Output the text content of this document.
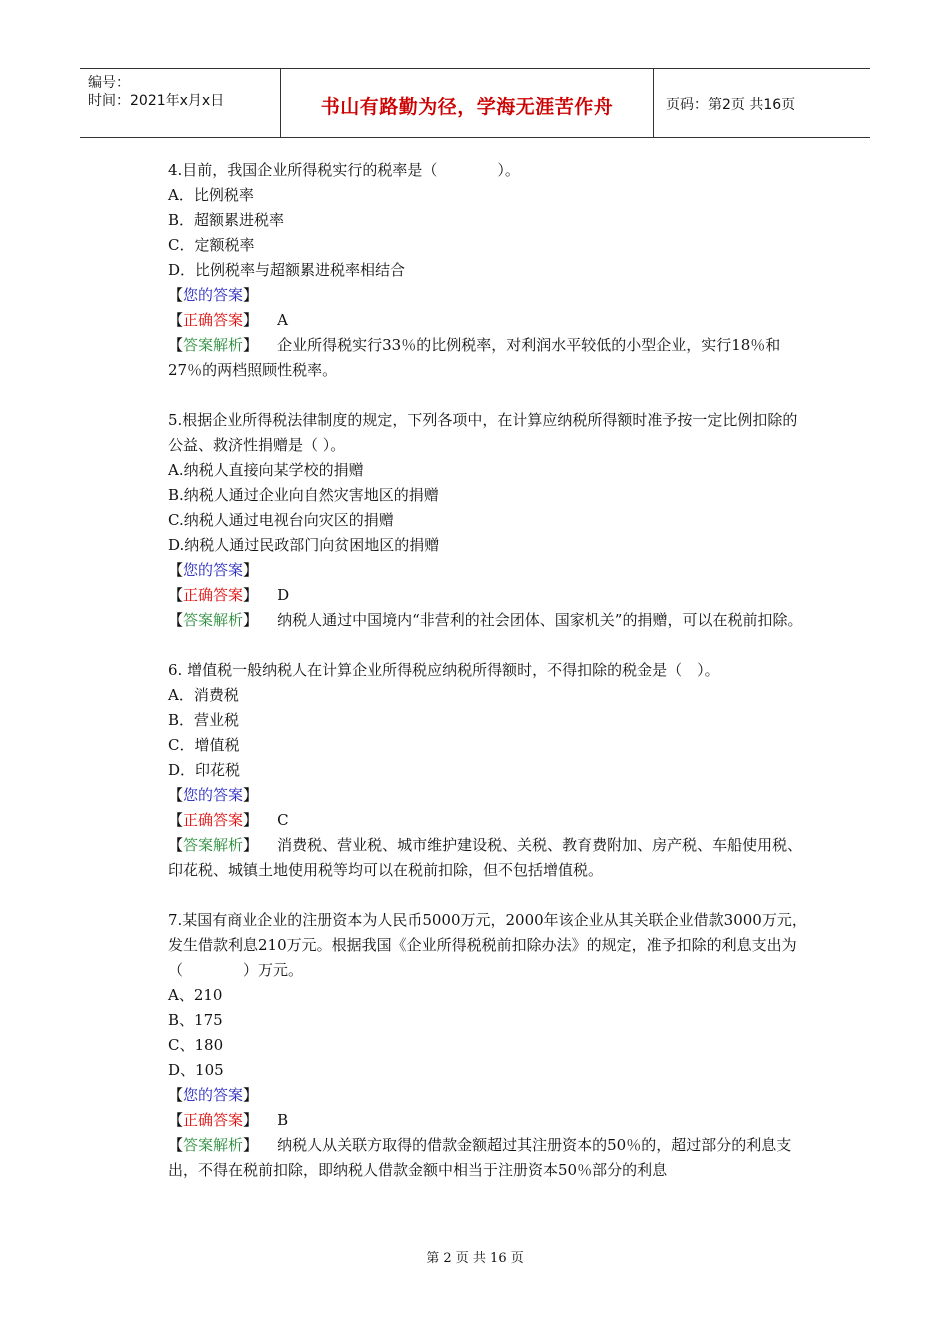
编号：
时间：2021年x月x日	书山有路勤为径，学海无涯苦作舟	页码：第2页 共16页
4.目前，我国企业所得税实行的税率是（　　　　）。
A．比例税率
B．超额累进税率
C．定额税率
D．比例税率与超额累进税率相结合
【您的答案】
【正确答案】    A
【答案解析】    企业所得税实行33％的比例税率，对利润水平较低的小型企业，实行18％和27％的两档照顾性税率。
5.根据企业所得税法律制度的规定，下列各项中，在计算应纳税所得额时准予按一定比例扣除的公益、救济性捐赠是（ ）。
A.纳税人直接向某学校的捐赠
B.纳税人通过企业向自然灾害地区的捐赠
C.纳税人通过电视台向灾区的捐赠
D.纳税人通过民政部门向贫困地区的捐赠
【您的答案】
【正确答案】    D
【答案解析】    纳税人通过中国境内“非营利的社会团体、国家机关”的捐赠，可以在税前扣除。
6. 增值税一般纳税人在计算企业所得税应纳税所得额时，不得扣除的税金是（　）。
A．消费税
B．营业税
C．增值税
D．印花税
【您的答案】
【正确答案】    C
【答案解析】    消费税、营业税、城市维护建设税、关税、教育费附加、房产税、车船使用税、印花税、城镇土地使用税等均可以在税前扣除，但不包括增值税。
7.某国有商业企业的注册资本为人民币5000万元，2000年该企业从其关联企业借款3000万元，发生借款利息210万元。根据我国《企业所得税税前扣除办法》的规定，准予扣除的利息支出为（　　　　）万元。
A、210
B、175
C、180
D、105
【您的答案】
【正确答案】    B
【答案解析】    纳税人从关联方取得的借款金额超过其注册资本的50％的，超过部分的利息支出，不得在税前扣除，即纳税人借款金额中相当于注册资本50％部分的利息
第 2 页 共 16 页
